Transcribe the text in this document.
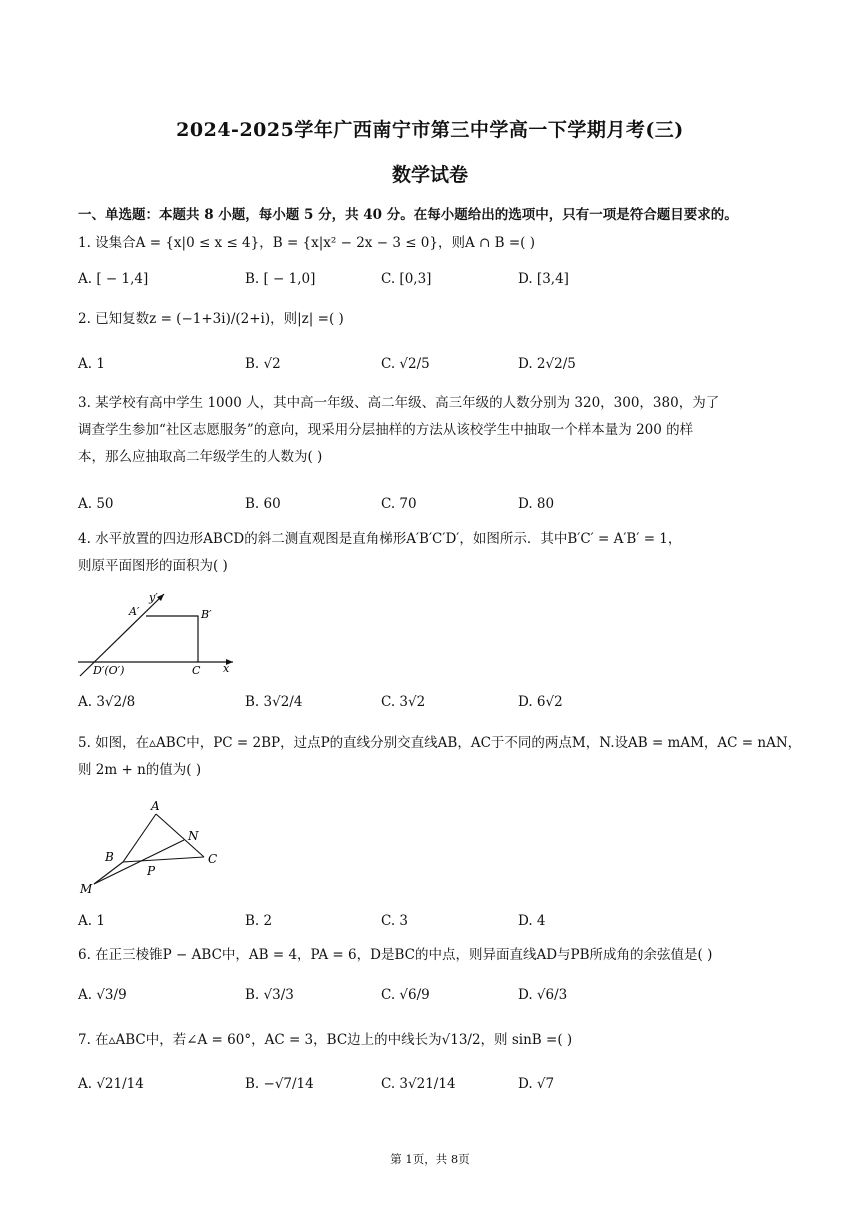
2024-2025学年广西南宁市第三中学高一下学期月考(三)
数学试卷
一、单选题：本题共 8 小题，每小题 5 分，共 40 分。在每小题给出的选项中，只有一项是符合题目要求的。
1. 设集合A = {x|0 ≤ x ≤ 4}，B = {x|x² − 2x − 3 ≤ 0}，则A ∩ B =( )
A. [ − 1,4]	B. [ − 1,0]	C. [0,3]	D. [3,4]
2. 已知复数z = (−1+3i)/(2+i)，则|z| =( )
A. 1	B. √2	C. √2/5	D. 2√2/5
3. 某学校有高中学生 1000 人，其中高一年级、高二年级、高三年级的人数分别为 320，300，380，为了
调查学生参加“社区志愿服务”的意向，现采用分层抽样的方法从该校学生中抽取一个样本量为 200 的样
本，那么应抽取高二年级学生的人数为( )
A. 50	B. 60	C. 70	D. 80
4. 水平放置的四边形ABCD的斜二测直观图是直角梯形A′B′C′D′，如图所示．其中B′C′ = A′B′ = 1，
则原平面图形的面积为( )
y′
A′	B′
D′(O′)	C x
A. 3√2/8	B. 3√2/4	C. 3√2	D. 6√2
5. 如图，在▵ABC中，PC = 2BP，过点P的直线分别交直线AB，AC于不同的两点M，N.设AB = mAM，AC = nAN，
则 2m + n的值为( )
A
N
B	C
P
M
A. 1	B. 2	C. 3	D. 4
6. 在正三棱锥P − ABC中，AB = 4，PA = 6，D是BC的中点，则异面直线AD与PB所成角的余弦值是( )
A. √3/9	B. √3/3	C. √6/9	D. √6/3
7. 在▵ABC中，若∠A = 60°，AC = 3，BC边上的中线长为√13/2，则 sinB =( )
A. √21/14	B. −√7/14	C. 3√21/14	D. √7
第 1页，共 8页
